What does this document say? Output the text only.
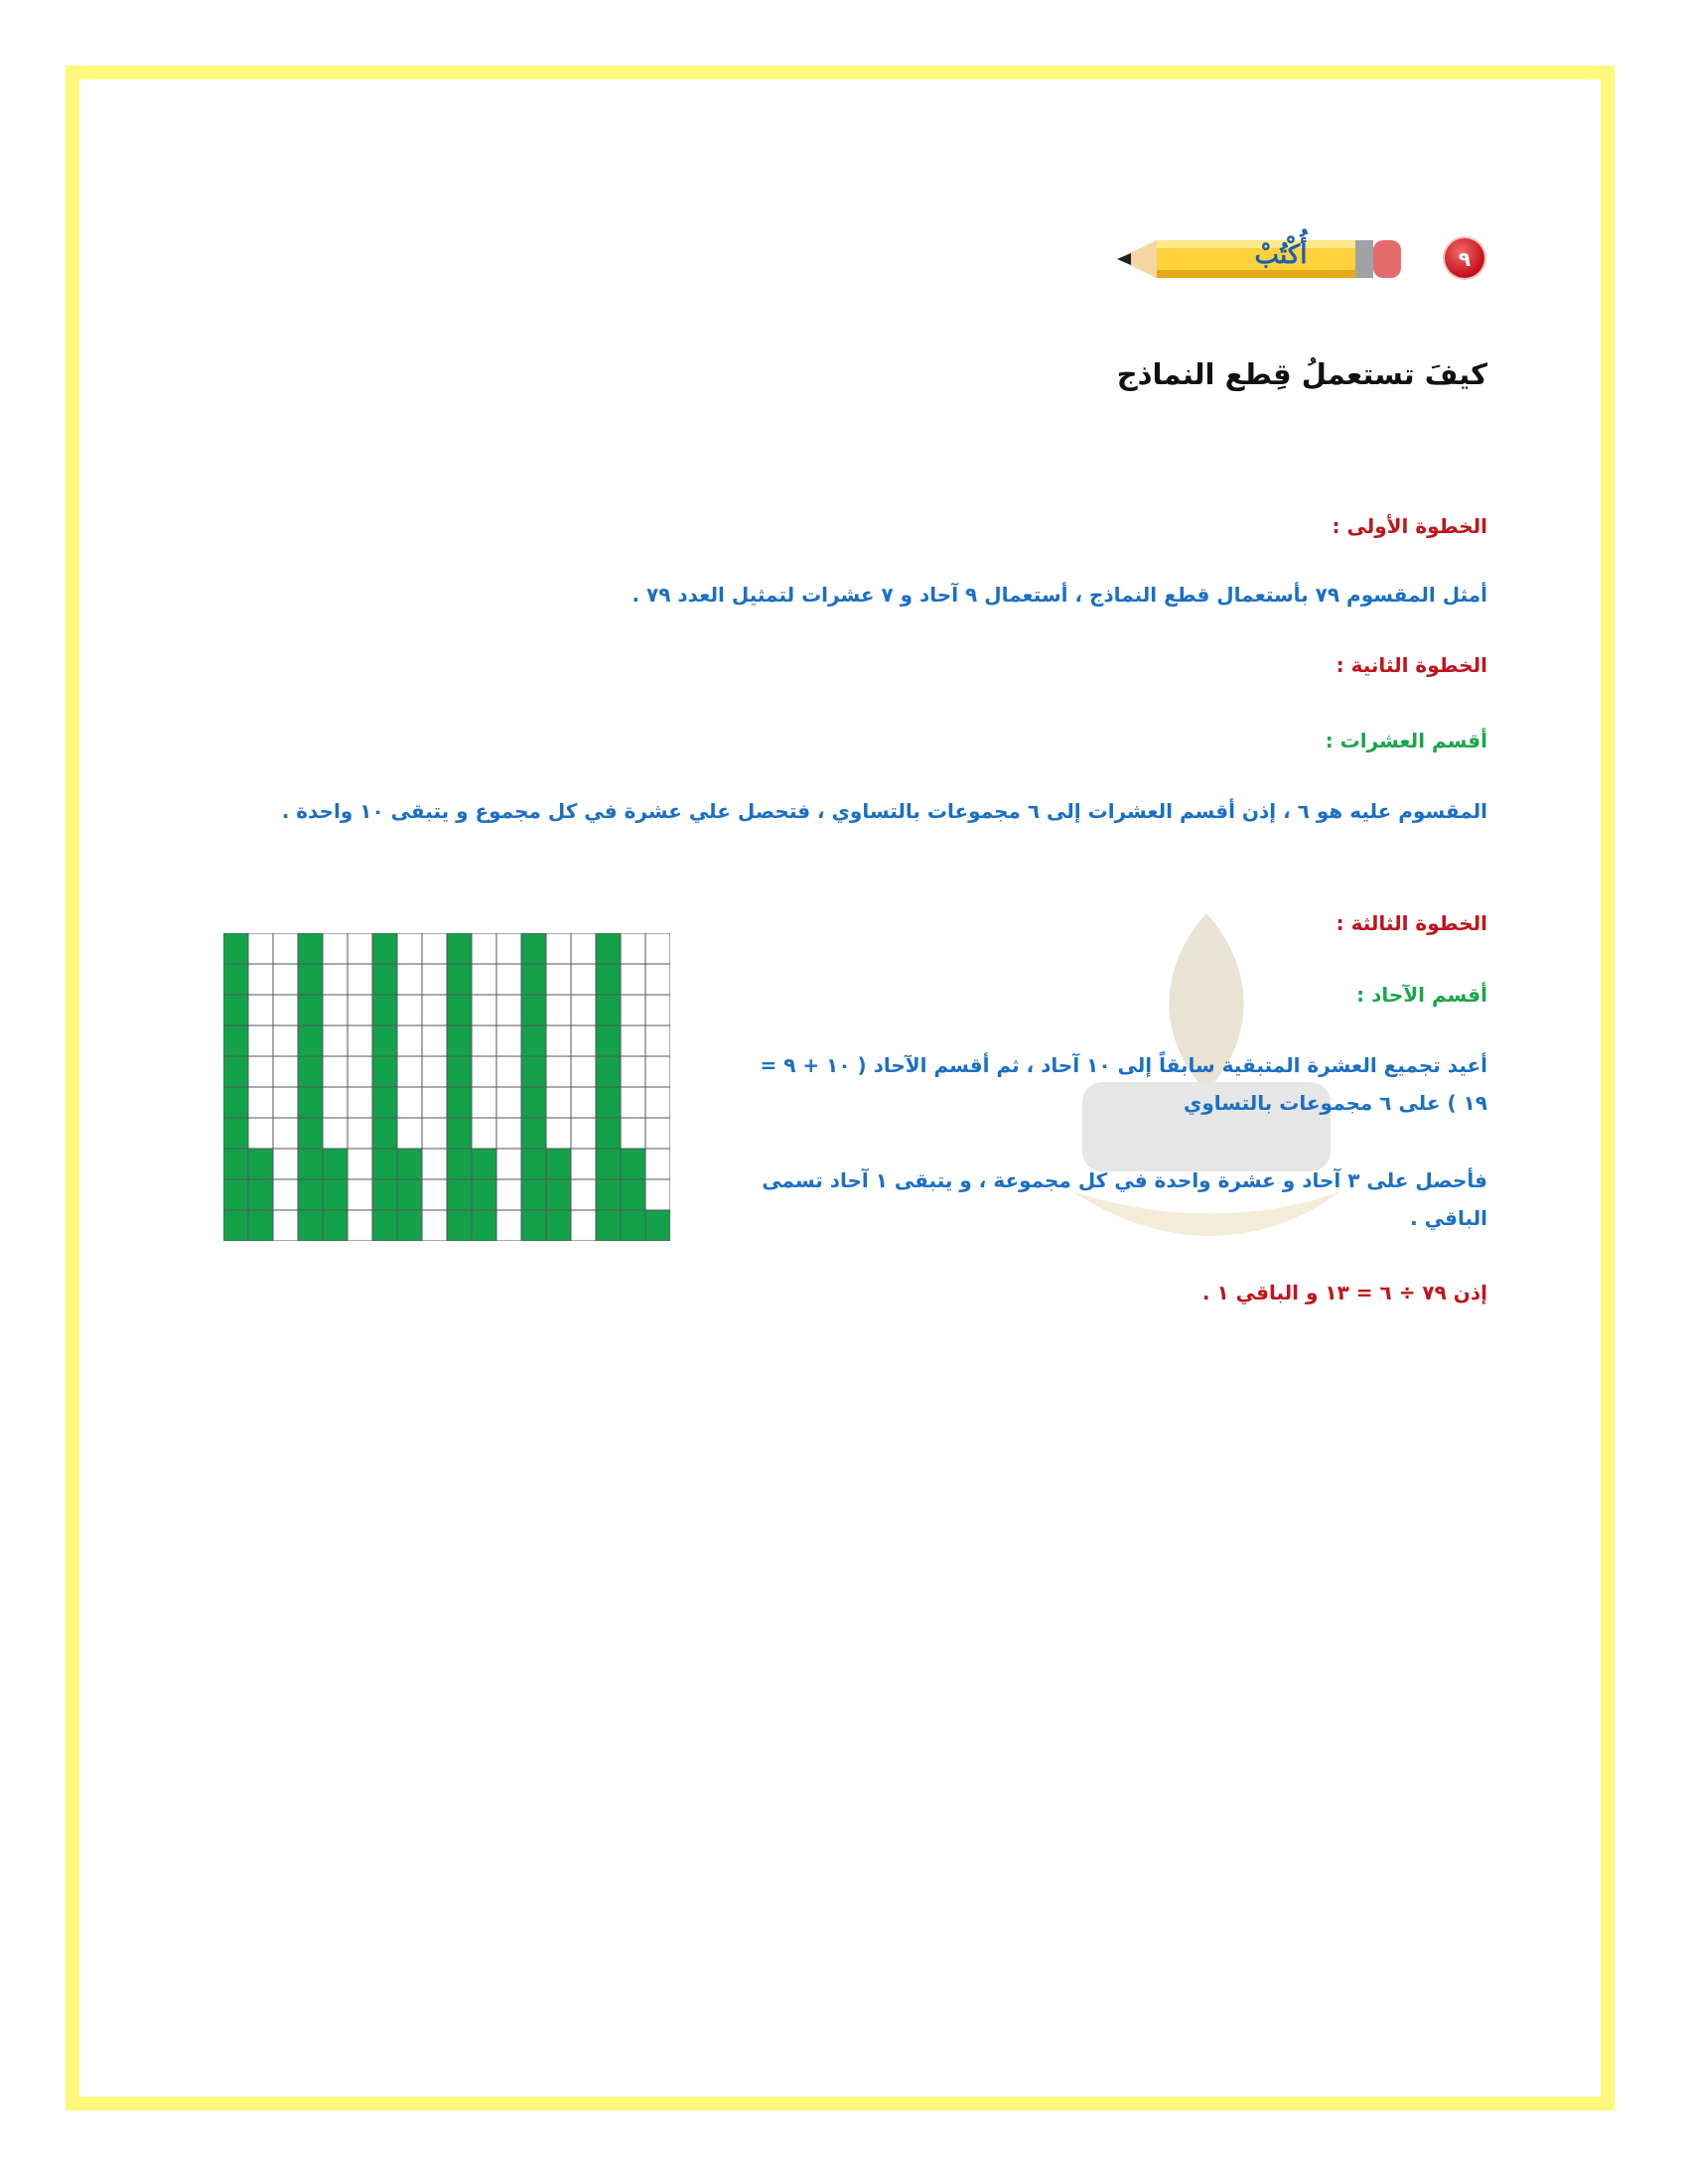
أُكْتُبْ	٩
كيفَ تستعملُ قِطع النماذج
الخطوة الأولى :
أمثل المقسوم ٧٩ بأستعمال قطع النماذج ، أستعمال ٩ آحاد و ٧ عشرات لتمثيل العدد ٧٩ .
الخطوة الثانية :
أقسم العشرات :
المقسوم عليه هو ٦ ، إذن أقسم العشرات إلى ٦ مجموعات بالتساوي ، فتحصل علي عشرة في كل مجموع و يتبقى ١٠ واحدة .
الخطوة الثالثة :
أقسم الآحاد :
أعيد تجميع العشرة المتبقية سابقاً إلى ١٠ آحاد ، ثم أقسم الآحاد ( ١٠ + ٩ = ١٩ ) على ٦ مجموعات بالتساوي
فأحصل على ٣ آحاد و عشرة واحدة في كل مجموعة ، و يتبقى ١ آحاد تسمى الباقي .
إذن ٧٩ ÷ ٦ = ١٣ و الباقي ١ .
